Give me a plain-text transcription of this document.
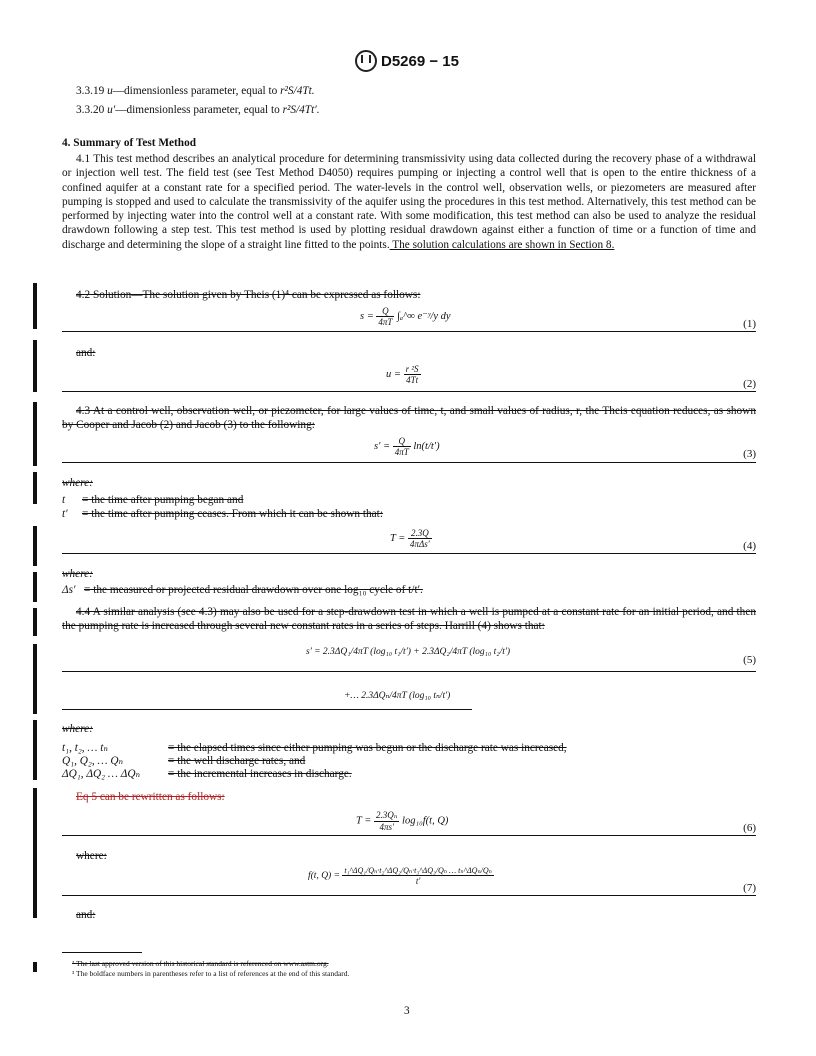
D5269 − 15
3.3.19 u—dimensionless parameter, equal to r²S/4Tt.
3.3.20 u′—dimensionless parameter, equal to r²S/4Tt′.
4. Summary of Test Method
4.1 This test method describes an analytical procedure for determining transmissivity using data collected during the recovery phase of a withdrawal or injection well test. The field test (see Test Method D4050) requires pumping or injecting a control well that is open to the entire thickness of a confined aquifer at a constant rate for a specified period. The water-levels in the control well, observation wells, or piezometers are measured after pumping is stopped and used to calculate the transmissivity of the aquifer using the procedures in this test method. Alternatively, this test method can be performed by injecting water into the control well at a constant rate. With some modification, this test method can also be used to analyze the residual drawdown following a step test. This test method is used by plotting residual drawdown against either a function of time or a function of time and discharge and determining the slope of a straight line fitted to the points. The solution calculations are shown in Section 8.
4.2 Solution—The solution given by Theis (1)⁴ can be expressed as follows:
$s = \frac{Q}{4\pi T}$ ∫ₐ^∞ e⁻ʸ/y dy
(1)
and:
$u = \frac{\text{r ²S}}{4Tt}$	(2)
4.3 At a control well, observation well, or piezometer, for large values of time, t, and small values of radius, r, the Theis equation reduces, as shown by Cooper and Jacob (2) and Jacob (3) to the following:
$s' = \frac{Q}{4\pi T} \ln(t/t')$
(3)
where:
t = the time after pumping began and
t′ = the time after pumping ceases. From which it can be shown that:
$T = \frac{2.3Q}{\text{4πΔs′}}$	(4)
where:
Δs′ = the measured or projected residual drawdown over one log₁₀ cycle of t/t′.
4.4 A similar analysis (see 4.3) may also be used for a step-drawdown test in which a well is pumped at a constant rate for an initial period, and then the pumping rate is increased through several new constant rates in a series of steps. Harrill (4) shows that:
s′ = 2.3ΔQ₁/4πT (log₁₀ t₁/t′) + 2.3ΔQ₂/4πT (log₁₀ t₂/t′)
(5)
+… 2.3ΔQₙ/4πT (log₁₀ tₙ/t′)
where:
t₁, t₂, … tₙ	= the elapsed times since either pumping was begun or the discharge rate was increased,
Q₁, Q₂, … Qₙ	= the well discharge rates, and
ΔQ₁, ΔQ₂ … ΔQₙ = the incremental increases in discharge.
Eq 5 can be rewritten as follows:
$T = \frac{\text{2.3Qₙ}}{4\pi s'} \log_{10}f(t$, Q)
(6)
where:
f(t, $Q) = \frac{\text{t₁\textasciicircum{}ΔQ₁/Qₙ·t₂\textasciicircum{}ΔQ₂/Qₙ·t₃\textasciicircum{}ΔQ₃/Qₙ … tₙ\textasciicircum{}ΔQₙ/Qₙ}}{t'}$
(7)
and:
³ The last approved version of this historical standard is referenced on www.astm.org.
³ The boldface numbers in parentheses refer to a list of references at the end of this standard.
3
